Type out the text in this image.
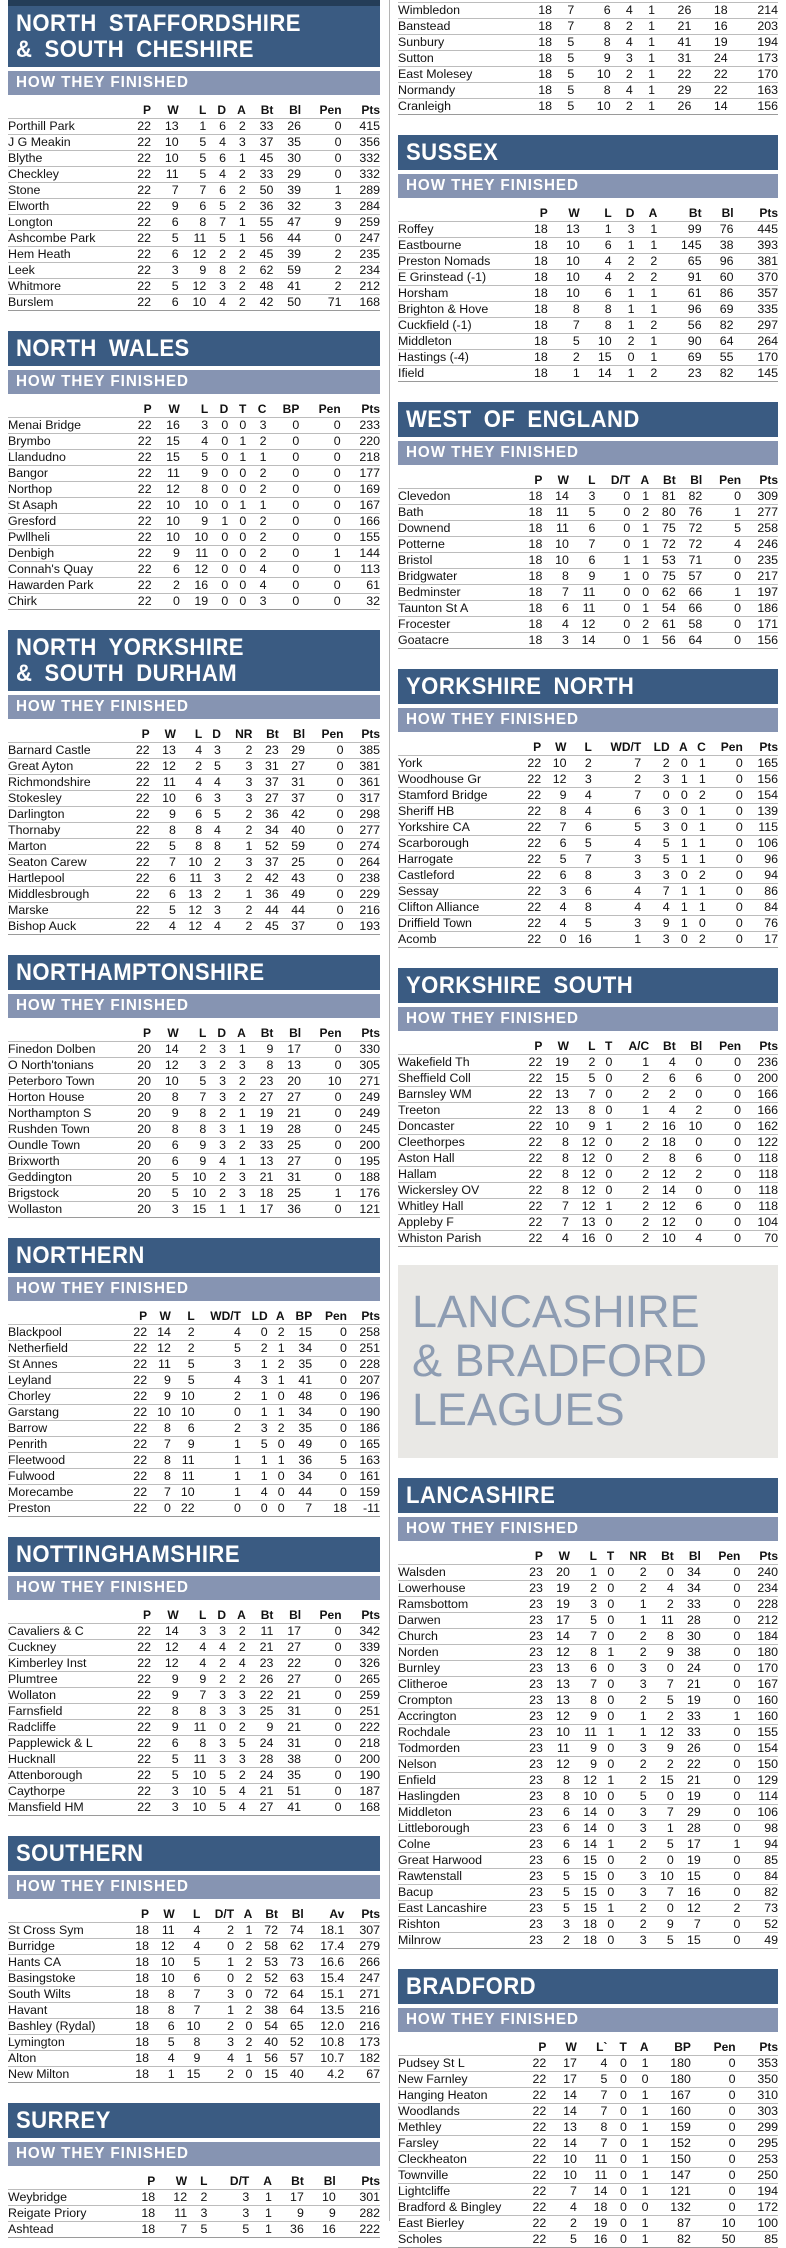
NORTH STAFFORDSHIRE
& SOUTH CHESHIRE
HOW THEY FINISHED
	P	W	L	D	A	Bt	Bl	Pen	Pts
Porthill Park	22	13	1	6	2	33	26	0	415
J G Meakin	22	10	5	4	3	37	35	0	356
Blythe	22	10	5	6	1	45	30	0	332
Checkley	22	11	5	4	2	33	29	0	332
Stone	22	7	7	6	2	50	39	1	289
Elworth	22	9	6	5	2	36	32	3	284
Longton	22	6	8	7	1	55	47	9	259
Ashcombe Park	22	5	11	5	1	56	44	0	247
Hem Heath	22	6	12	2	2	45	39	2	235
Leek	22	3	9	8	2	62	59	2	234
Whitmore	22	5	12	3	2	48	41	2	212
Burslem	22	6	10	4	2	42	50	71	168
NORTH WALES
HOW THEY FINISHED
	P	W	L	D	T	C	BP	Pen	Pts
Menai Bridge	22	16	3	0	0	3	0	0	233
Brymbo	22	15	4	0	1	2	0	0	220
Llandudno	22	15	5	0	1	1	0	0	218
Bangor	22	11	9	0	0	2	0	0	177
Northop	22	12	8	0	0	2	0	0	169
St Asaph	22	10	10	0	1	1	0	0	167
Gresford	22	10	9	1	0	2	0	0	166
Pwllheli	22	10	10	0	0	2	0	0	155
Denbigh	22	9	11	0	0	2	0	1	144
Connah's Quay	22	6	12	0	0	4	0	0	113
Hawarden Park	22	2	16	0	0	4	0	0	61
Chirk	22	0	19	0	0	3	0	0	32
NORTH YORKSHIRE
& SOUTH DURHAM
HOW THEY FINISHED
	P	W	L	D	NR	Bt	Bl	Pen	Pts
Barnard Castle	22	13	4	3	2	23	29	0	385
Great Ayton	22	12	2	5	3	31	27	0	381
Richmondshire	22	11	4	4	3	37	31	0	361
Stokesley	22	10	6	3	3	27	37	0	317
Darlington	22	9	6	5	2	36	42	0	298
Thornaby	22	8	8	4	2	34	40	0	277
Marton	22	5	8	8	1	52	59	0	274
Seaton Carew	22	7	10	2	3	37	25	0	264
Hartlepool	22	6	11	3	2	42	43	0	238
Middlesbrough	22	6	13	2	1	36	49	0	229
Marske	22	5	12	3	2	44	44	0	216
Bishop Auck	22	4	12	4	2	45	37	0	193
NORTHAMPTONSHIRE
HOW THEY FINISHED
	P	W	L	D	A	Bt	Bl	Pen	Pts
Finedon Dolben	20	14	2	3	1	9	17	0	330
O North'tonians	20	12	3	2	3	8	13	0	305
Peterboro Town	20	10	5	3	2	23	20	10	271
Horton House	20	8	7	3	2	27	27	0	249
Northampton S	20	9	8	2	1	19	21	0	249
Rushden Town	20	8	8	3	1	19	28	0	245
Oundle Town	20	6	9	3	2	33	25	0	200
Brixworth	20	6	9	4	1	13	27	0	195
Geddington	20	5	10	2	3	21	31	0	188
Brigstock	20	5	10	2	3	18	25	1	176
Wollaston	20	3	15	1	1	17	36	0	121
NORTHERN
HOW THEY FINISHED
	P	W	L	WD/T	LD	A	BP	Pen	Pts
Blackpool	22	14	2	4	0	2	15	0	258
Netherfield	22	12	2	5	2	1	34	0	251
St Annes	22	11	5	3	1	2	35	0	228
Leyland	22	9	5	4	3	1	41	0	207
Chorley	22	9	10	2	1	0	48	0	196
Garstang	22	10	10	0	1	1	34	0	190
Barrow	22	8	6	2	3	2	35	0	186
Penrith	22	7	9	1	5	0	49	0	165
Fleetwood	22	8	11	1	1	1	36	5	163
Fulwood	22	8	11	1	1	0	34	0	161
Morecambe	22	7	10	1	4	0	44	0	159
Preston	22	0	22	0	0	0	7	18	-11
NOTTINGHAMSHIRE
HOW THEY FINISHED
	P	W	L	D	A	Bt	Bl	Pen	Pts
Cavaliers & C	22	14	3	3	2	11	17	0	342
Cuckney	22	12	4	4	2	21	27	0	339
Kimberley Inst	22	12	4	2	4	23	22	0	326
Plumtree	22	9	9	2	2	26	27	0	265
Wollaton	22	9	7	3	3	22	21	0	259
Farnsfield	22	8	8	3	3	25	31	0	251
Radcliffe	22	9	11	0	2	9	21	0	222
Papplewick & L	22	6	8	3	5	24	31	0	218
Hucknall	22	5	11	3	3	28	38	0	200
Attenborough	22	5	10	5	2	24	35	0	190
Caythorpe	22	3	10	5	4	21	51	0	187
Mansfield HM	22	3	10	5	4	27	41	0	168
SOUTHERN
HOW THEY FINISHED
	P	W	L	D/T	A	Bt	Bl	Av	Pts
St Cross Sym	18	11	4	2	1	72	74	18.1	307
Burridge	18	12	4	0	2	58	62	17.4	279
Hants CA	18	10	5	1	2	53	73	16.6	266
Basingstoke	18	10	6	0	2	52	63	15.4	247
South Wilts	18	8	7	3	0	72	64	15.1	271
Havant	18	8	7	1	2	38	64	13.5	216
Bashley (Rydal)	18	6	10	2	0	54	65	12.0	216
Lymington	18	5	8	3	2	40	52	10.8	173
Alton	18	4	9	4	1	56	57	10.7	182
New Milton	18	1	15	2	0	15	40	4.2	67
SURREY
HOW THEY FINISHED
	P	W	L	D/T	A	Bt	Bl	Pts
Weybridge	18	12	2	3	1	17	10	301
Reigate Priory	18	11	3	3	1	9	9	282
Ashtead	18	7	5	5	1	36	16	222
Wimbledon	18	7	6	4	1	26	18	214
Banstead	18	7	8	2	1	21	16	203
Sunbury	18	5	8	4	1	41	19	194
Sutton	18	5	9	3	1	31	24	173
East Molesey	18	5	10	2	1	22	22	170
Normandy	18	5	8	4	1	29	22	163
Cranleigh	18	5	10	2	1	26	14	156
SUSSEX
HOW THEY FINISHED
	P	W	L	D	A	Bt	Bl	Pts
Roffey	18	13	1	3	1	99	76	445
Eastbourne	18	10	6	1	1	145	38	393
Preston Nomads	18	10	4	2	2	65	96	381
E Grinstead (-1)	18	10	4	2	2	91	60	370
Horsham	18	10	6	1	1	61	86	357
Brighton & Hove	18	8	8	1	1	96	69	335
Cuckfield (-1)	18	7	8	1	2	56	82	297
Middleton	18	5	10	2	1	90	64	264
Hastings (-4)	18	2	15	0	1	69	55	170
Ifield	18	1	14	1	2	23	82	145
WEST OF ENGLAND
HOW THEY FINISHED
	P	W	L	D/T	A	Bt	Bl	Pen	Pts
Clevedon	18	14	3	0	1	81	82	0	309
Bath	18	11	5	0	2	80	76	1	277
Downend	18	11	6	0	1	75	72	5	258
Potterne	18	10	7	0	1	72	72	4	246
Bristol	18	10	6	1	1	53	71	0	235
Bridgwater	18	8	9	1	0	75	57	0	217
Bedminster	18	7	11	0	0	62	66	1	197
Taunton St A	18	6	11	0	1	54	66	0	186
Frocester	18	4	12	0	2	61	58	0	171
Goatacre	18	3	14	0	1	56	64	0	156
YORKSHIRE NORTH
HOW THEY FINISHED
	P	W	L	WD/T	LD	A	C	Pen	Pts
York	22	10	2	7	2	0	1	0	165
Woodhouse Gr	22	12	3	2	3	1	1	0	156
Stamford Bridge	22	9	4	7	0	0	2	0	154
Sheriff HB	22	8	4	6	3	0	1	0	139
Yorkshire CA	22	7	6	5	3	0	1	0	115
Scarborough	22	6	5	4	5	1	1	0	106
Harrogate	22	5	7	3	5	1	1	0	96
Castleford	22	6	8	3	3	0	2	0	94
Sessay	22	3	6	4	7	1	1	0	86
Clifton Alliance	22	4	8	4	4	1	1	0	84
Driffield Town	22	4	5	3	9	1	0	0	76
Acomb	22	0	16	1	3	0	2	0	17
YORKSHIRE SOUTH
HOW THEY FINISHED
	P	W	L	T	A/C	Bt	Bl	Pen	Pts
Wakefield Th	22	19	2	0	1	4	0	0	236
Sheffield Coll	22	15	5	0	2	6	6	0	200
Barnsley WM	22	13	7	0	2	2	0	0	166
Treeton	22	13	8	0	1	4	2	0	166
Doncaster	22	10	9	1	2	16	10	0	162
Cleethorpes	22	8	12	0	2	18	0	0	122
Aston Hall	22	8	12	0	2	8	6	0	118
Hallam	22	8	12	0	2	12	2	0	118
Wickersley OV	22	8	12	0	2	14	0	0	118
Whitley Hall	22	7	12	1	2	12	6	0	118
Appleby F	22	7	13	0	2	12	0	0	104
Whiston Parish	22	4	16	0	2	10	4	0	70
LANCASHIRE
& BRADFORD
LEAGUES
LANCASHIRE
HOW THEY FINISHED
	P	W	L	T	NR	Bt	Bl	Pen	Pts
Walsden	23	20	1	0	2	0	34	0	240
Lowerhouse	23	19	2	0	2	4	34	0	234
Ramsbottom	23	19	3	0	1	2	33	0	228
Darwen	23	17	5	0	1	11	28	0	212
Church	23	14	7	0	2	8	30	0	184
Norden	23	12	8	1	2	9	38	0	180
Burnley	23	13	6	0	3	0	24	0	170
Clitheroe	23	13	7	0	3	7	21	0	167
Crompton	23	13	8	0	2	5	19	0	160
Accrington	23	12	9	0	1	2	33	1	160
Rochdale	23	10	11	1	1	12	33	0	155
Todmorden	23	11	9	0	3	9	26	0	154
Nelson	23	12	9	0	2	2	22	0	150
Enfield	23	8	12	1	2	15	21	0	129
Haslingden	23	8	10	0	5	0	19	0	114
Middleton	23	6	14	0	3	7	29	0	106
Littleborough	23	6	14	0	3	1	28	0	98
Colne	23	6	14	1	2	5	17	1	94
Great Harwood	23	6	15	0	2	0	19	0	85
Rawtenstall	23	5	15	0	3	10	15	0	84
Bacup	23	5	15	0	3	7	16	0	82
East Lancashire	23	5	15	1	2	0	12	2	73
Rishton	23	3	18	0	2	9	7	0	52
Milnrow	23	2	18	0	3	5	15	0	49
BRADFORD
HOW THEY FINISHED
	P	W	L`	T	A	BP	Pen	Pts
Pudsey St L	22	17	4	0	1	180	0	353
New Farnley	22	17	5	0	0	180	0	350
Hanging Heaton	22	14	7	0	1	167	0	310
Woodlands	22	14	7	0	1	160	0	303
Methley	22	13	8	0	1	159	0	299
Farsley	22	14	7	0	1	152	0	295
Cleckheaton	22	10	11	0	1	150	0	253
Townville	22	10	11	0	1	147	0	250
Lightcliffe	22	7	14	0	1	121	0	194
Bradford & Bingley	22	4	18	0	0	132	0	172
East Bierley	22	2	19	0	1	87	10	100
Scholes	22	5	16	0	1	82	50	85
